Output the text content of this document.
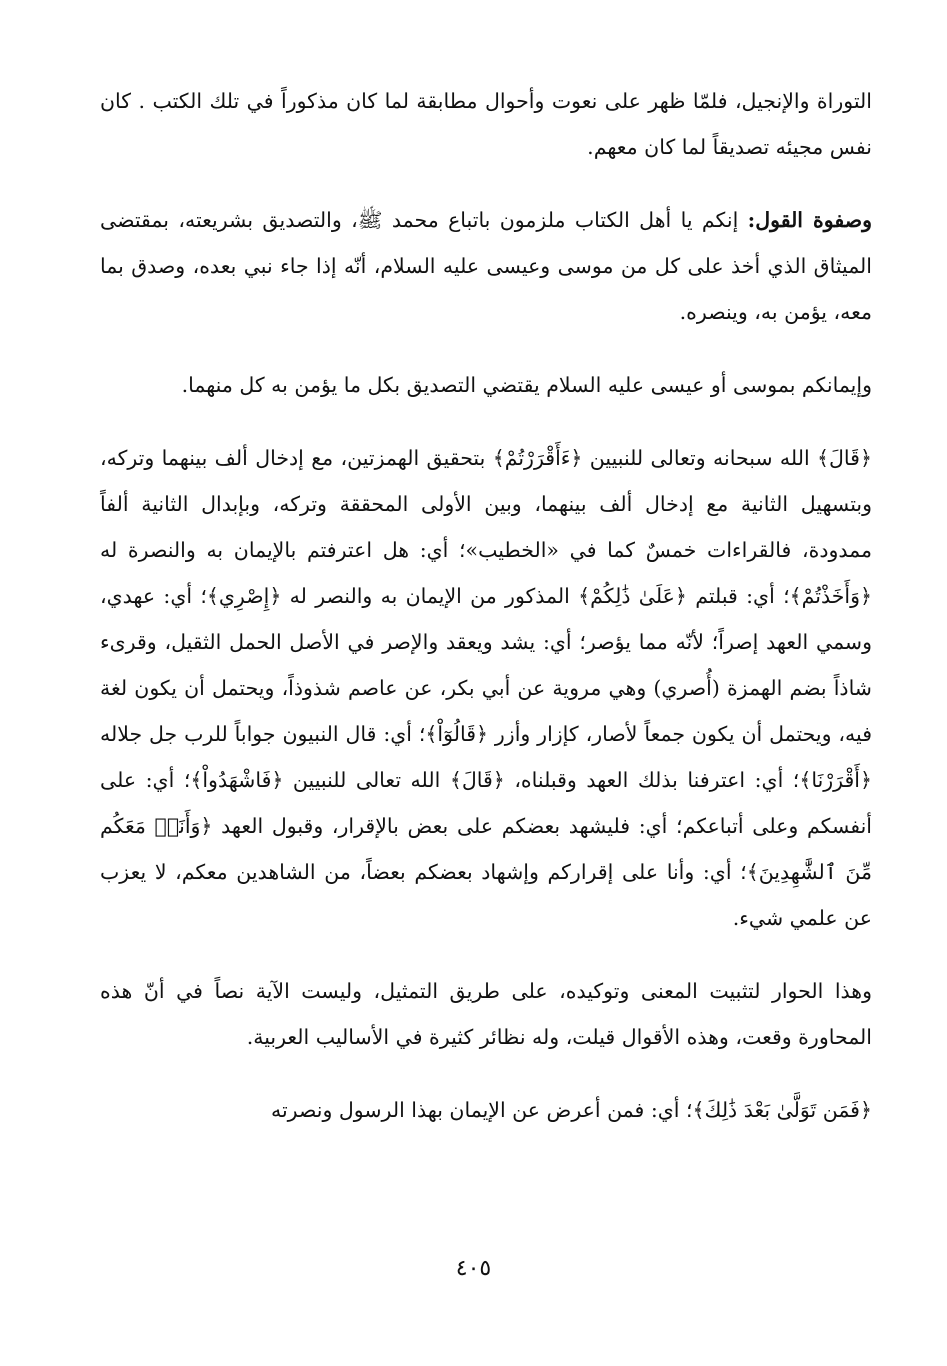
التوراة والإنجيل، فلمّا ظهر على نعوت وأحوال مطابقة لما كان مذكوراً في تلك الكتب . كان نفس مجيئه تصديقاً لما كان معهم.

وصفوة القول: إنكم يا أهل الكتاب ملزمون باتباع محمد ﷺ، والتصديق بشريعته، بمقتضى الميثاق الذي أخذ على كل من موسى وعيسى عليه السلام، أنّه إذا جاء نبي بعده، وصدق بما معه، يؤمن به، وينصره.

وإيمانكم بموسى أو عيسى عليه السلام يقتضي التصديق بكل ما يؤمن به كل منهما.

﴿قَالَ﴾ الله سبحانه وتعالى للنبيين ﴿ءَأَقْرَرْتُمْ﴾ بتحقيق الهمزتين، مع إدخال ألف بينهما وتركه، وبتسهيل الثانية مع إدخال ألف بينهما، وبين الأولى المحققة وتركه، وبإبدال الثانية ألفاً ممدودة، فالقراءات خمسٌ كما في «الخطيب»؛ أي: هل اعترفتم بالإيمان به والنصرة له ﴿وَأَخَذْتُمْ﴾؛ أي: قبلتم ﴿عَلَىٰ ذَٰلِكُمْ﴾ المذكور من الإيمان به والنصر له ﴿إِصْرِي﴾؛ أي: عهدي، وسمي العهد إصراً؛ لأنّه مما يؤصر؛ أي: يشد ويعقد والإصر في الأصل الحمل الثقيل، وقرىء شاذاً بضم الهمزة (أُصري) وهي مروية عن أبي بكر، عن عاصم شذوذاً، ويحتمل أن يكون لغة فيه، ويحتمل أن يكون جمعاً لأصار، كإزار وأزر ﴿قَالُوٓاْ﴾؛ أي: قال النبيون جواباً للرب جل جلاله ﴿أَقْرَرْنَا﴾؛ أي: اعترفنا بذلك العهد وقبلناه، ﴿قَالَ﴾ الله تعالى للنبيين ﴿فَاشْهَدُواْ﴾؛ أي: على أنفسكم وعلى أتباعكم؛ أي: فليشهد بعضكم على بعض بالإقرار، وقبول العهد ﴿وَأَنَا۠ مَعَكُم مِّنَ ٱلشَّٰهِدِينَ﴾؛ أي: وأنا على إقراركم وإشهاد بعضكم بعضاً، من الشاهدين معكم، لا يعزب عن علمي شيء.

وهذا الحوار لتثبيت المعنى وتوكيده، على طريق التمثيل، وليست الآية نصاً في أنّ هذه المحاورة وقعت، وهذه الأقوال قيلت، وله نظائر كثيرة في الأساليب العربية.

﴿فَمَن تَوَلَّىٰ بَعْدَ ذَٰلِكَ﴾؛ أي: فمن أعرض عن الإيمان بهذا الرسول ونصرته

٤٠٥
